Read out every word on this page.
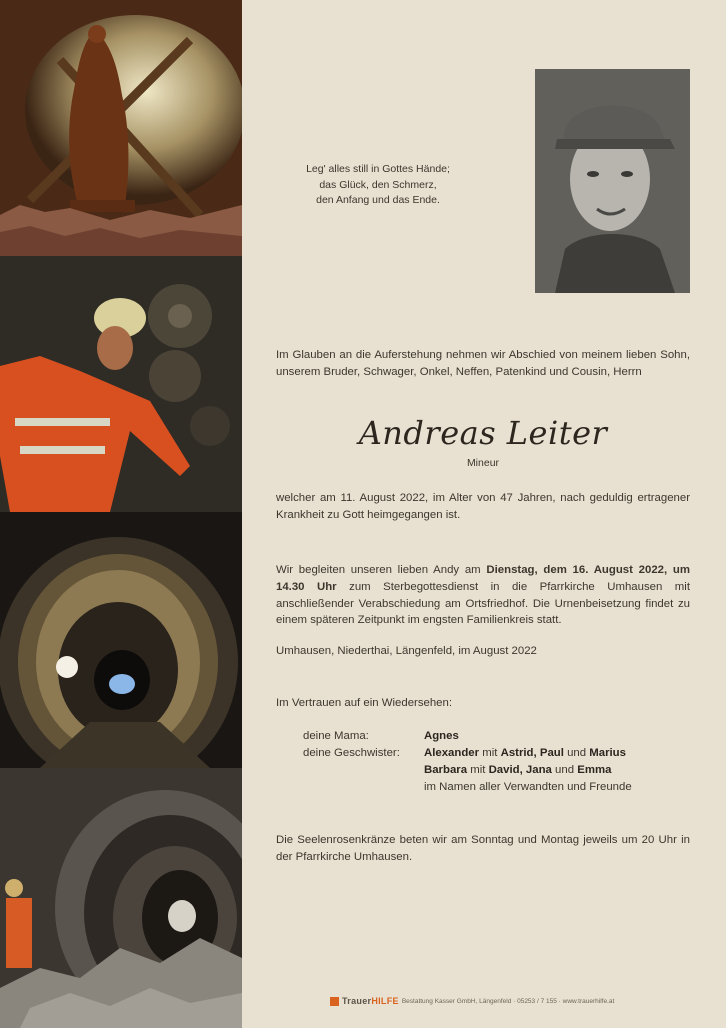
Leg' alles still in Gottes Hände;
das Glück, den Schmerz,
den Anfang und das Ende.
Im Glauben an die Auferstehung nehmen wir Abschied von meinem lieben Sohn, unserem Bruder, Schwager, Onkel, Neffen, Patenkind und Cousin, Herrn
Andreas Leiter
Mineur
welcher am 11. August 2022, im Alter von 47 Jahren, nach geduldig ertragener Krankheit zu Gott heimgegangen ist.
Wir begleiten unseren lieben Andy am Dienstag, dem 16. August 2022, um 14.30 Uhr zum Sterbegottesdienst in die Pfarrkirche Umhausen mit anschließender Verabschiedung am Ortsfriedhof. Die Urnenbeisetzung findet zu einem späteren Zeitpunkt im engsten Familienkreis statt.
Umhausen, Niederthai, Längenfeld, im August 2022
Im Vertrauen auf ein Wiedersehen:
deine Mama:	Agnes
deine Geschwister:	Alexander mit Astrid, Paul und Marius
Barbara mit David, Jana und Emma
im Namen aller Verwandten und Freunde
Die Seelenrosenkränze beten wir am Sonntag und Montag jeweils um 20 Uhr in der Pfarrkirche Umhausen.
TrauerHILFE Bestattung Kasser GmbH, Längenfeld · 05253 / 7 155 · www.trauerhilfe.at
